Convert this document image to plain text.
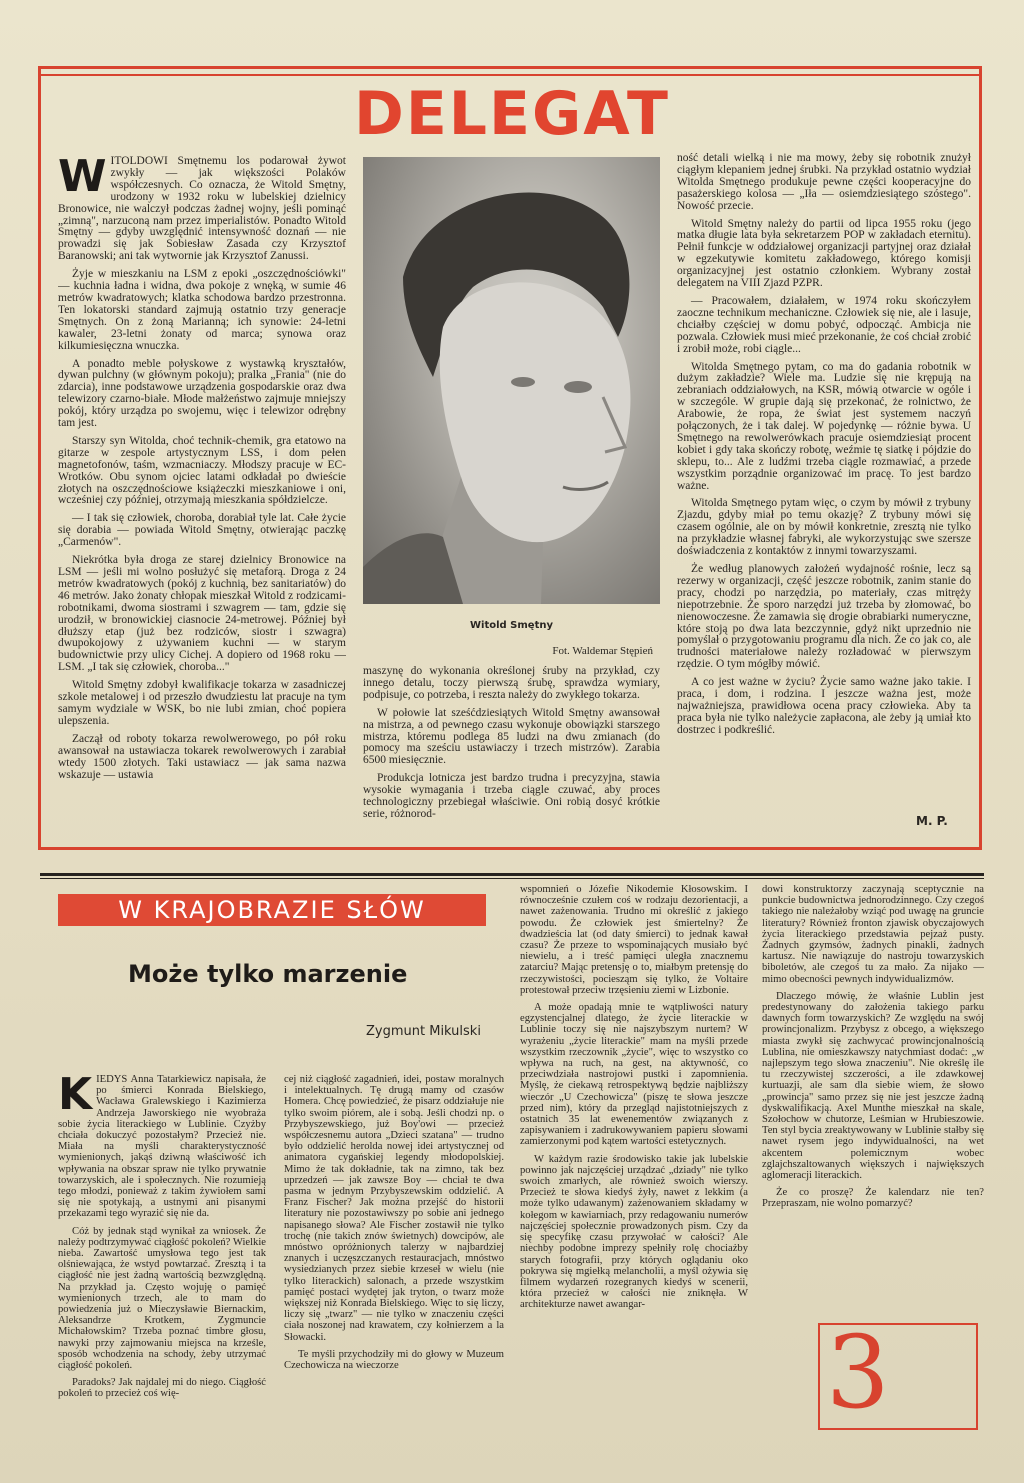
DELEGAT

WITOLDOWI Smętnemu los podarował żywot zwykły — jak większości Polaków współczesnych. Co oznacza, że Witold Smętny, urodzony w 1932 roku w lubelskiej dzielnicy Bronowice, nie walczył podczas żadnej wojny, jeśli pominąć „zimną", narzuconą nam przez imperialistów. Ponadto Witold Smętny — gdyby uwzględnić intensywność doznań — nie prowadzi się jak Sobiesław Zasada czy Krzysztof Baranowski; ani tak wytwornie jak Krzysztof Zanussi.

Żyje w mieszkaniu na LSM z epoki „oszczędnościówki" — kuchnia ładna i widna, dwa pokoje z wnęką, w sumie 46 metrów kwadratowych; klatka schodowa bardzo przestronna. Ten lokatorski standard zajmują ostatnio trzy generacje Smętnych. On z żoną Marianną; ich synowie: 24-letni kawaler, 23-letni żonaty od marca; synowa oraz kilkumiesięczna wnuczka.

A ponadto meble połyskowe z wystawką kryształów, dywan pulchny (w głównym pokoju); pralka „Frania" (nie do zdarcia), inne podstawowe urządzenia gospodarskie oraz dwa telewizory czarno-białe. Młode małżeństwo zajmuje mniejszy pokój, który urządza po swojemu, więc i telewizor odrębny tam jest.

Starszy syn Witolda, choć technik-chemik, gra etatowo na gitarze w zespole artystycznym LSS, i dom pełen magnetofonów, taśm, wzmacniaczy. Młodszy pracuje w EC-Wrotków. Obu synom ojciec latami odkładał po dwieście złotych na oszczędnościowe książeczki mieszkaniowe i oni, wcześniej czy później, otrzymają mieszkania spółdzielcze.

— I tak się człowiek, choroba, dorabiał tyle lat. Całe życie się dorabia — powiada Witold Smętny, otwierając paczkę „Carmenów".

Niekrótka była droga ze starej dzielnicy Bronowice na LSM — jeśli mi wolno posłużyć się metaforą. Droga z 24 metrów kwadratowych (pokój z kuchnią, bez sanitariatów) do 46 metrów. Jako żonaty chłopak mieszkał Witold z rodzicami-robotnikami, dwoma siostrami i szwagrem — tam, gdzie się urodził, w bronowickiej ciasnocie 24-metrowej. Później był dłuższy etap (już bez rodziców, siostr i szwagra) dwupokojowy z używaniem kuchni — w starym budownictwie przy ulicy Cichej. A dopiero od 1968 roku — LSM. „I tak się człowiek, choroba..."

Witold Smętny zdobył kwalifikacje tokarza w zasadniczej szkole metalowej i od przeszło dwudziestu lat pracuje na tym samym wydziale w WSK, bo nie lubi zmian, choć popiera ulepszenia.

Zaczął od roboty tokarza rewolwerowego, po pół roku awansował na ustawiacza tokarek rewolwerowych i zarabiał wtedy 1500 złotych. Taki ustawiacz — jak sama nazwa wskazuje — ustawia

Witold Smętny
Fot. Waldemar Stępień

maszynę do wykonania określonej śruby na przykład, czy innego detalu, toczy pierwszą śrubę, sprawdza wymiary, podpisuje, co potrzeba, i reszta należy do zwykłego tokarza.

W połowie lat sześćdziesiątych Witold Smętny awansował na mistrza, a od pewnego czasu wykonuje obowiązki starszego mistrza, któremu podlega 85 ludzi na dwu zmianach (do pomocy ma sześciu ustawiaczy i trzech mistrzów). Zarabia 6500 miesięcznie.

Produkcja lotnicza jest bardzo trudna i precyzyjna, stawia wysokie wymagania i trzeba ciągle czuwać, aby proces technologiczny przebiegał właściwie. Oni robią dosyć krótkie serie, różnorod-

ność detali wielką i nie ma mowy, żeby się robotnik znużył ciągłym klepaniem jednej śrubki. Na przykład ostatnio wydział Witolda Smętnego produkuje pewne części kooperacyjne do pasażerskiego kolosa — „Iła — osiemdziesiątego szóstego". Nowość przecie.

Witold Smętny należy do partii od lipca 1955 roku (jego matka długie lata była sekretarzem POP w zakładach eternitu). Pełnił funkcje w oddziałowej organizacji partyjnej oraz działał w egzekutywie komitetu zakładowego, którego komisji organizacyjnej jest ostatnio członkiem. Wybrany został delegatem na VIII Zjazd PZPR.

— Pracowałem, działałem, w 1974 roku skończyłem zaoczne technikum mechaniczne. Człowiek się nie, ale i lasuje, chciałby częściej w domu pobyć, odpocząć. Ambicja nie pozwala. Człowiek musi mieć przekonanie, że coś chciał zrobić i zrobił może, robi ciągle...

Witolda Smętnego pytam, co ma do gadania robotnik w dużym zakładzie? Wiele ma. Ludzie się nie krępują na zebraniach oddziałowych, na KSR, mówią otwarcie w ogóle i w szczególe. W grupie dają się przekonać, że rolnictwo, że Arabowie, że ropa, że świat jest systemem naczyń połączonych, że i tak dalej. W pojedynkę — różnie bywa. U Smętnego na rewolwerówkach pracuje osiemdziesiąt procent kobiet i gdy taka skończy robotę, weźmie tę siatkę i pójdzie do sklepu, to... Ale z ludźmi trzeba ciągle rozmawiać, a przede wszystkim porządnie organizować im pracę. To jest bardzo ważne.

Witolda Smętnego pytam więc, o czym by mówił z trybuny Zjazdu, gdyby miał po temu okazję? Z trybuny mówi się czasem ogólnie, ale on by mówił konkretnie, zresztą nie tylko na przykładzie własnej fabryki, ale wykorzystując swe szersze doświadczenia z kontaktów z innymi towarzyszami.

Że według planowych założeń wydajność rośnie, lecz są rezerwy w organizacji, część jeszcze robotnik, zanim stanie do pracy, chodzi po narzędzia, po materiały, czas mitręży niepotrzebnie. Że sporo narzędzi już trzeba by złomować, bo nienowoczesne. Że zamawia się drogie obrabiarki numeryczne, które stoją po dwa lata bezczynnie, gdyż nikt uprzednio nie pomyślał o przygotowaniu programu dla nich. Że co jak co, ale trudności materiałowe należy rozładować w pierwszym rzędzie. O tym mógłby mówić.

A co jest ważne w życiu? Życie samo ważne jako takie. I praca, i dom, i rodzina. I jeszcze ważna jest, może najważniejsza, prawidłowa ocena pracy człowieka. Aby ta praca była nie tylko należycie zapłacona, ale żeby ją umiał kto dostrzec i podkreślić.

M. P.
W KRAJOBRAZIE SŁÓW
Może tylko marzenie
Zygmunt Mikulski

KIEDYŚ Anna Tatarkiewicz napisała, że po śmierci Konrada Bielskiego, Wacława Gralewskiego i Kazimierza Andrzeja Jaworskiego nie wyobraża sobie życia literackiego w Lublinie. Czyżby chciała dokuczyć pozostałym? Przecież nie. Miała na myśli charakterystyczność wymienionych, jakąś dziwną właściwość ich wpływania na obszar spraw nie tylko prywatnie towarzyskich, ale i społecznych. Nie rozumieją tego młodzi, ponieważ z takim żywiołem sami się nie spotykają, a ustnymi ani pisanymi przekazami tego wyrazić się nie da.

Cóż by jednak stąd wynikał za wniosek. Że należy podtrzymywać ciągłość pokoleń? Wielkie nieba. Zawartość umysłowa tego jest tak olśniewająca, że wstyd powtarzać. Zresztą i ta ciągłość nie jest żadną wartością bezwzględną. Na przykład ja. Często wojuję o pamięć wymienionych trzech, ale to mam do powiedzenia już o Mieczysławie Biernackim, Aleksandrze Krotkem, Zygmuncie Michałowskim? Trzeba poznać timbre głosu, nawyki przy zajmowaniu miejsca na krześle, sposób wchodzenia na schody, żeby utrzymać ciągłość pokoleń.

Paradoks? Jak najdalej mi do niego. Ciągłość pokoleń to przecież coś wię-

cej niż ciągłość zagadnień, idei, postaw moralnych i intelektualnych. Tę drugą mamy od czasów Homera. Chcę powiedzieć, że pisarz oddziałuje nie tylko swoim piórem, ale i sobą. Jeśli chodzi np. o Przybyszewskiego, już Boy'owi — przecież współczesnemu autora „Dzieci szatana" — trudno było oddzielić herolda nowej idei artystycznej od animatora cygańskiej legendy młodopolskiej. Mimo że tak dokładnie, tak na zimno, tak bez uprzedzeń — jak zawsze Boy — chciał te dwa pasma w jednym Przybyszewskim oddzielić. A Franz Fischer? Jak można przejść do historii literatury nie pozostawiwszy po sobie ani jednego napisanego słowa? Ale Fischer zostawił nie tylko trochę (nie takich znów świetnych) dowcipów, ale mnóstwo opróżnionych talerzy w najbardziej znanych i uczęszczanych restauracjach, mnóstwo wysiedzianych przez siebie krzeseł w wielu (nie tylko literackich) salonach, a przede wszystkim pamięć postaci wydętej jak tryton, o twarz może większej niż Konrada Bielskiego. Więc to się liczy, liczy się „twarz" — nie tylko w znaczeniu części ciała noszonej nad krawatem, czy kołnierzem a la Słowacki.

Te myśli przychodziły mi do głowy w Muzeum Czechowicza na wieczorze

wspomnień o Józefie Nikodemie Kłosowskim. I równocześnie czułem coś w rodzaju dezorientacji, a nawet zażenowania. Trudno mi określić z jakiego powodu. Że człowiek jest śmiertelny? Że dwadzieścia lat (od daty śmierci) to jednak kawał czasu? Że przeze to wspominających musiało być niewielu, a i treść pamięci uległa znacznemu zatarciu? Mając pretensję o to, miałbym pretensję do rzeczywistości, pociesząm się tylko, że Voltaire protestował przeciw trzęsieniu ziemi w Lizbonie.

A może opadają mnie te wątpliwości natury egzystencjalnej dlatego, że życie literackie w Lublinie toczy się nie najszybszym nurtem? W wyrażeniu „życie literackie" mam na myśli przede wszystkim rzeczownik „życie", więc to wszystko co wpływa na ruch, na gest, na aktywność, co przeciwdziała nastrojowi pustki i zapomnienia. Myślę, że ciekawą retrospektywą będzie najbliższy wieczór „U Czechowicza" (piszę te słowa jeszcze przed nim), który da przegląd najistotniejszych z ostatnich 35 lat ewenementów związanych z zapisywaniem i zadrukowywaniem papieru słowami zamierzonymi pod kątem wartości estetycznych.

W każdym razie środowisko takie jak lubelskie powinno jak najczęściej urządzać „dziady" nie tylko swoich zmarłych, ale również swoich wierszy. Przecież te słowa kiedyś żyły, nawet z lekkim (a może tylko udawanym) zażenowaniem składamy w kołegom w kawiarniach, przy redagowaniu numerów najczęściej społecznie prowadzonych pism. Czy da się specyfikę czasu przywołać w całości? Ale niechby podobne imprezy spełniły rolę chociażby starych fotografii, przy których oglądaniu oko pokrywa się mgiełką melancholii, a myśl ożywia się filmem wydarzeń rozegranych kiedyś w scenerii, która przecież w całości nie zniknęła. W architekturze nawet awangar-

dowi konstruktorzy zaczynają sceptycznie na punkcie budownictwa jednorodzinnego. Czy czegoś takiego nie należałoby wziąć pod uwagę na gruncie literatury? Również fronton zjawisk obyczajowych życia literackiego przedstawia pejzaż pusty. Żadnych gzymsów, żadnych pinakli, żadnych kartusz. Nie nawiązuje do nastroju towarzyskich biboletów, ale czegoś tu za mało. Za nijako — mimo obecności pewnych indywidualizmów.

Dlaczego mówię, że właśnie Lublin jest predestynowany do założenia takiego parku dawnych form towarzyskich? Ze względu na swój prowincjonalizm. Przybysz z obcego, a większego miasta zwykł się zachwycać prowincjonalnością Lublina, nie omieszkawszy natychmiast dodać: „w najlepszym tego słowa znaczeniu". Nie określę ile tu rzeczywistej szczerości, a ile zdawkowej kurtuazji, ale sam dla siebie wiem, że słowo „prowincja" samo przez się nie jest jeszcze żadną dyskwalifikacją. Axel Munthe mieszkał na skale, Szołochow w chutorze, Leśmian w Hrubieszowie. Ten styl bycia zreaktywowany w Lublinie stałby się nawet rysem jego indywidualności, na wet akcentem polemicznym wobec zglajchszaltowanych większych i największych aglomeracji literackich.

Że co proszę? Że kalendarz nie ten? Przepraszam, nie wolno pomarzyć?

3
